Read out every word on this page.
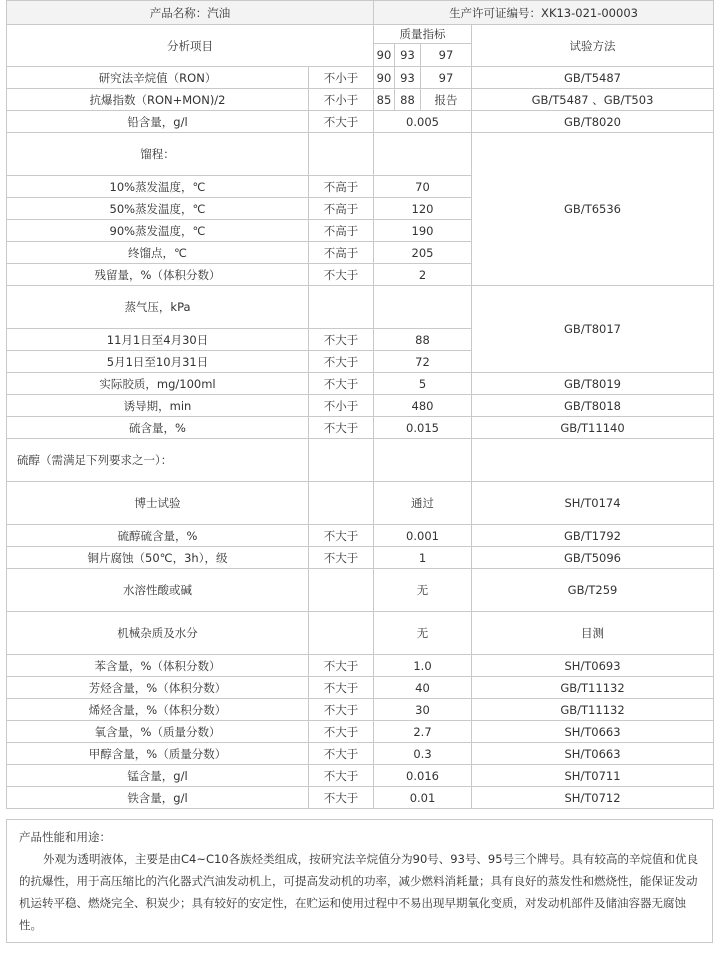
产品名称：汽油		生产许可证编号：XK13-021-00003			
分析项目		质量指标			试验方法
		90	93	97	
研究法辛烷值（RON）	不小于	90	93	97	GB/T5487
抗爆指数（RON+MON)/2	不小于	85	88	报告	GB/T5487 、GB/T503
铅含量，g/l	不大于	0.005			GB/T8020
馏程：					GB/T6536
10%蒸发温度，℃	不高于	70			
50%蒸发温度，℃	不高于	120			
90%蒸发温度，℃	不高于	190			
终馏点，℃	不高于	205			
残留量，%（体积分数）	不大于	2			
蒸气压，kPa					GB/T8017
11月1日至4月30日	不大于	88			
5月1日至10月31日	不大于	72			
实际胶质，mg/100ml	不大于	5			GB/T8019
诱导期，min	不小于	480			GB/T8018
硫含量，%	不大于	0.015			GB/T11140
硫醇（需满足下列要求之一）：					
博士试验		通过			SH/T0174
硫醇硫含量，%	不大于	0.001			GB/T1792
铜片腐蚀（50℃，3h），级	不大于	1			GB/T5096
水溶性酸或碱		无			GB/T259
机械杂质及水分		无			目测
苯含量，%（体积分数）	不大于	1.0			SH/T0693
芳烃含量，%（体积分数）	不大于	40			GB/T11132
烯烃含量，%（体积分数）	不大于	30			GB/T11132
氧含量，%（质量分数）	不大于	2.7			SH/T0663
甲醇含量，%（质量分数）	不大于	0.3			SH/T0663
锰含量，g/l	不大于	0.016			SH/T0711
铁含量，g/l	不大于	0.01			SH/T0712

产品性能和用途：

外观为透明液体，主要是由C4~C10各族烃类组成，按研究法辛烷值分为90号、93号、95号三个牌号。具有较高的辛烷值和优良的抗爆性，用于高压缩比的汽化器式汽油发动机上，可提高发动机的功率，减少燃料消耗量；具有良好的蒸发性和燃烧性，能保证发动机运转平稳、燃烧完全、积炭少；具有较好的安定性，在贮运和使用过程中不易出现早期氧化变质，对发动机部件及储油容器无腐蚀性。
